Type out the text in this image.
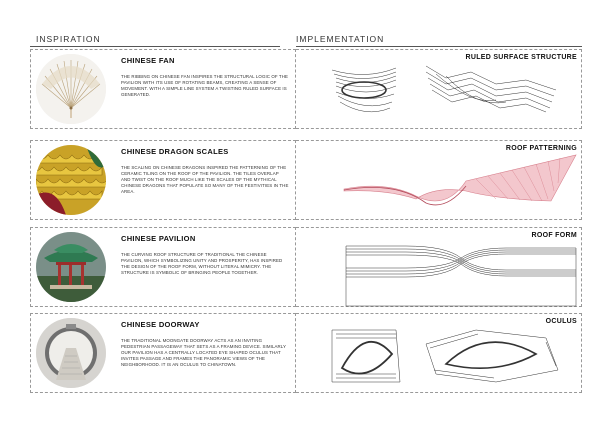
INSPIRATION	IMPLEMENTATION
CHINESE FAN
THE RIBBING ON CHINESE FAN INSPIRES THE STRUCTURAL LOGIC OF THE PAVILION WITH ITS USE OF ROTATING BEAMS, CREATING A SENSE OF MOVEMENT. WITH A SIMPLE LINE SYSTEM A TWISTING RULED SURFACE IS GENERATED.
RULED SURFACE STRUCTURE
CHINESE DRAGON SCALES
THE SCALING ON CHINESE DRAGONS INSPIRED THE PATTERNING OF THE CERAMIC TILING ON THE ROOF OF THE PAVILION. THE TILES OVERLAP AND TWIST ON THE ROOF MUCH LIKE THE SCALES OF THE MYTHICAL CHINESE DRAGONS THAT POPULATE SO MANY OF THE FESTIVITIES IN THE AREA.
ROOF PATTERNING
CHINESE PAVILION
THE CURVING ROOF STRUCTURE OF TRADITIONAL THE CHINESE PAVILION, WHICH SYMBOLIZING UNITY AND PROSPERITY, HAS INSPIRED THE DESIGN OF THE ROOF FORM, WITHOUT LITERAL MIMICRY. THE STRUCTURE IS SYMBOLIC OF BRINGING PEOPLE TOGETHER.
ROOF FORM
CHINESE DOORWAY
THE TRADITIONAL MOONGATE DOORWAY ACTS AS AN INVITING PEDESTRIAN PASSAGEWAY THAT SETS AS A FRAMING DEVICE. SIMILARLY OUR PAVILION HAS A CENTRALLY LOCATED EYE SHAPED OCULUS THAT INVITES PASSAGE AND FRAMES THE PANORAMIC VIEWS OF THE NEIGHBORHOOD. IT IS AN OCULUS TO CHINATOWN.
OCULUS
